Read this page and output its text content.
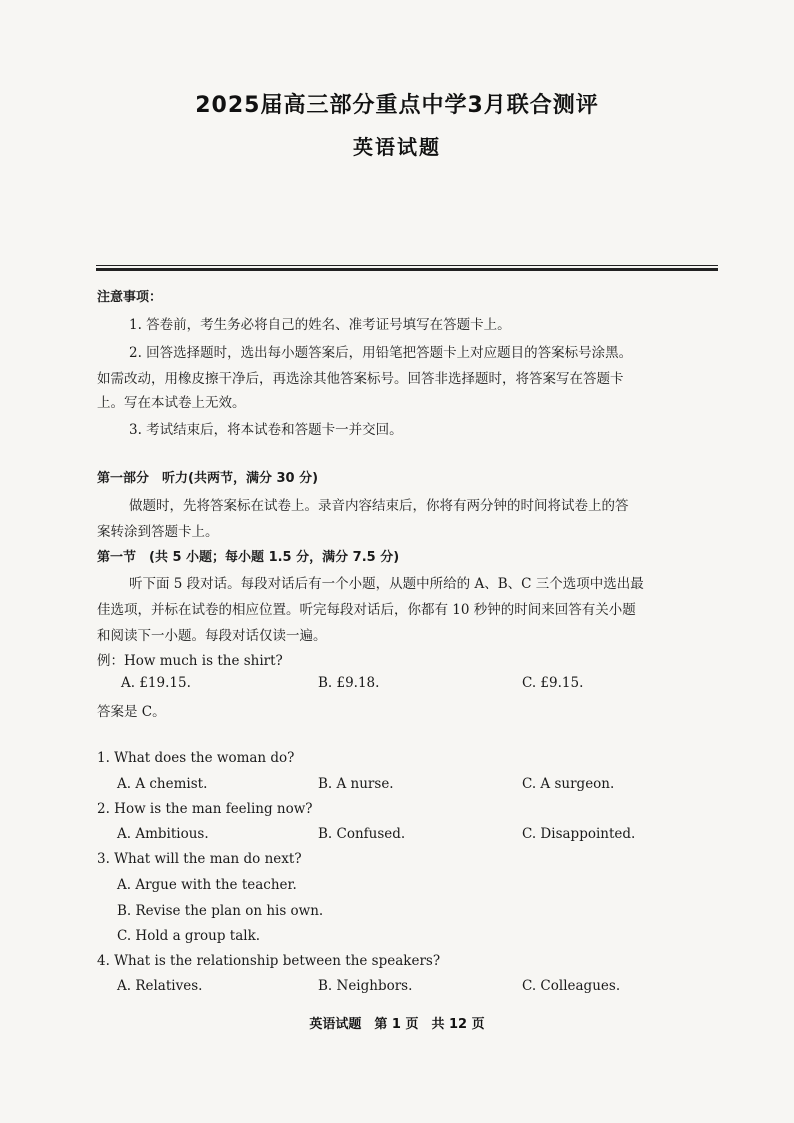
2025届高三部分重点中学3月联合测评
英语试题
注意事项：
1. 答卷前，考生务必将自己的姓名、准考证号填写在答题卡上。
2. 回答选择题时，选出每小题答案后，用铅笔把答题卡上对应题目的答案标号涂黑。
如需改动，用橡皮擦干净后，再选涂其他答案标号。回答非选择题时，将答案写在答题卡
上。写在本试卷上无效。
3. 考试结束后，将本试卷和答题卡一并交回。
第一部分　听力(共两节，满分 30 分)
做题时，先将答案标在试卷上。录音内容结束后，你将有两分钟的时间将试卷上的答
案转涂到答题卡上。
第一节　(共 5 小题；每小题 1.5 分，满分 7.5 分)
听下面 5 段对话。每段对话后有一个小题，从题中所给的 A、B、C 三个选项中选出最
佳选项，并标在试卷的相应位置。听完每段对话后，你都有 10 秒钟的时间来回答有关小题
和阅读下一小题。每段对话仅读一遍。
例：How much is the shirt?
A. £19.15.	B. £9.18.	C. £9.15.
答案是 C。
1. What does the woman do?
A. A chemist.	B. A nurse.	C. A surgeon.
2. How is the man feeling now?
A. Ambitious.	B. Confused.	C. Disappointed.
3. What will the man do next?
A. Argue with the teacher.
B. Revise the plan on his own.
C. Hold a group talk.
4. What is the relationship between the speakers?
A. Relatives.	B. Neighbors.	C. Colleagues.
英语试题　第 1 页　共 12 页
